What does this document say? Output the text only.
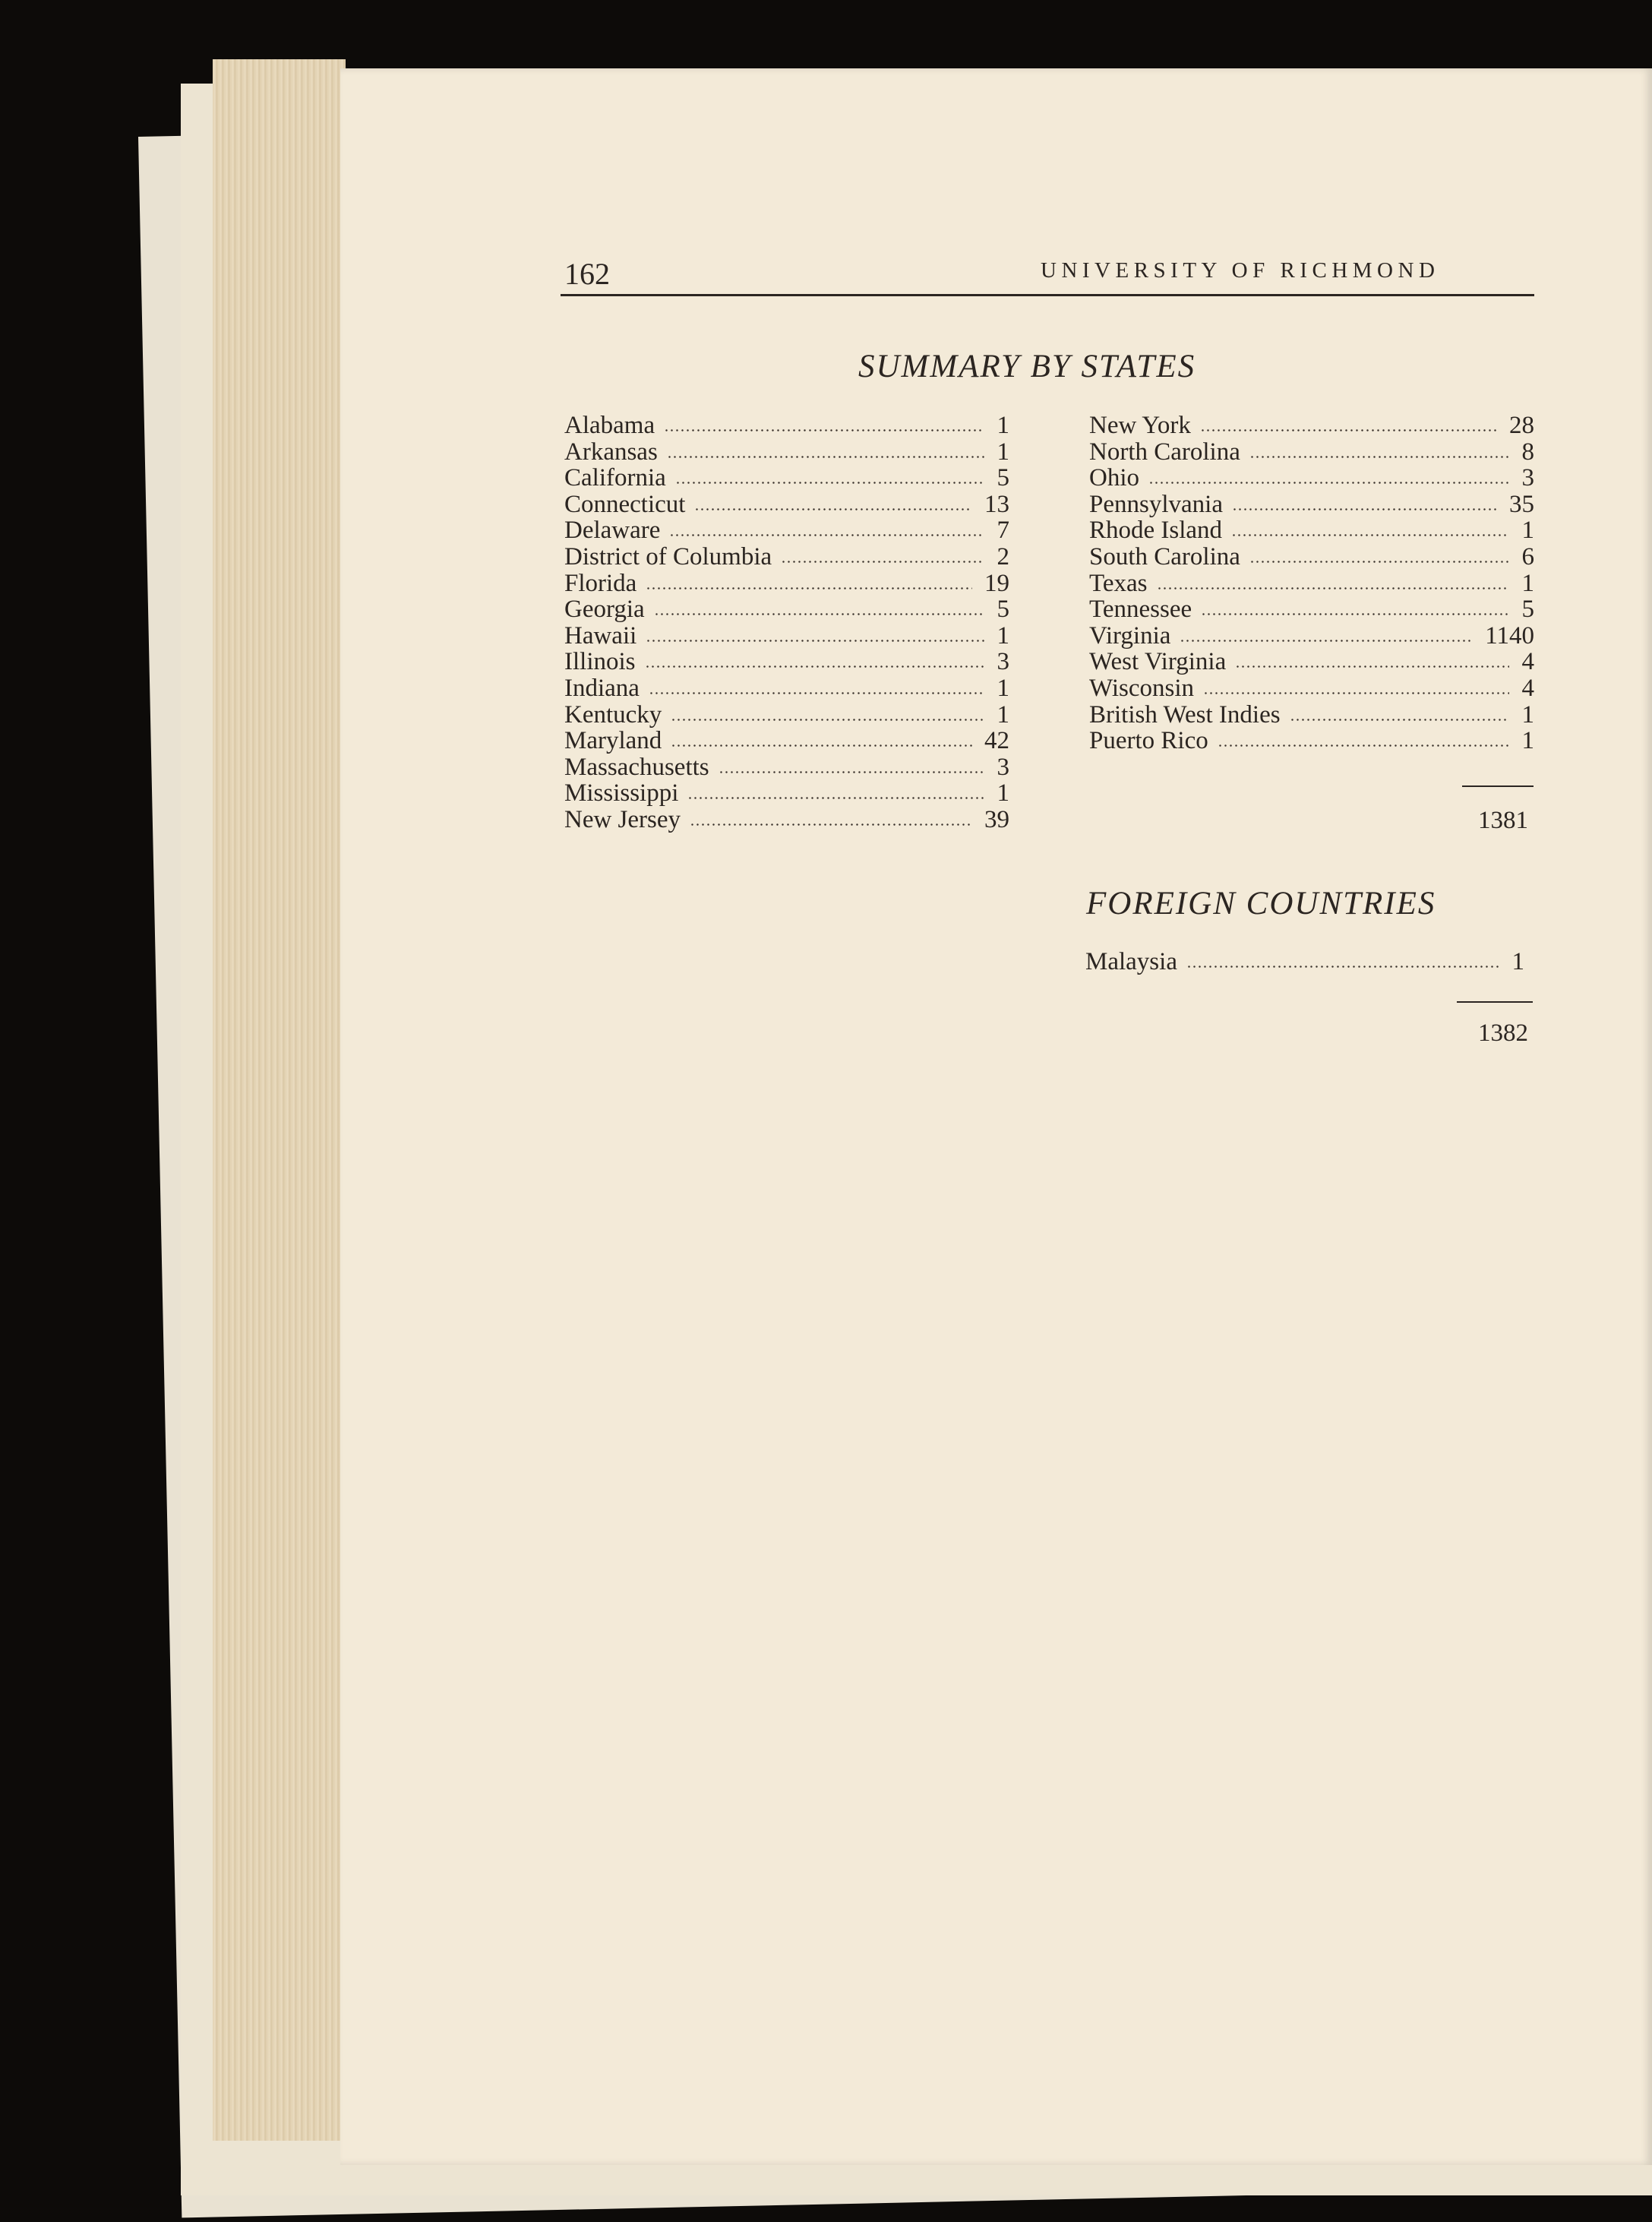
162	UNIVERSITY OF RICHMOND
SUMMARY BY STATES
Alabama	1
Arkansas	1
California	5
Connecticut	13
Delaware	7
District of Columbia	2
Florida	19
Georgia	5
Hawaii	1
Illinois	3
Indiana	1
Kentucky	1
Maryland	42
Massachusetts	3
Mississippi	1
New Jersey	39
New York	28
North Carolina	8
Ohio	3
Pennsylvania	35
Rhode Island	1
South Carolina	6
Texas	1
Tennessee	5
Virginia	1140
West Virginia	4
Wisconsin	4
British West Indies	1
Puerto Rico	1
1381
FOREIGN COUNTRIES
Malaysia	1
1382
